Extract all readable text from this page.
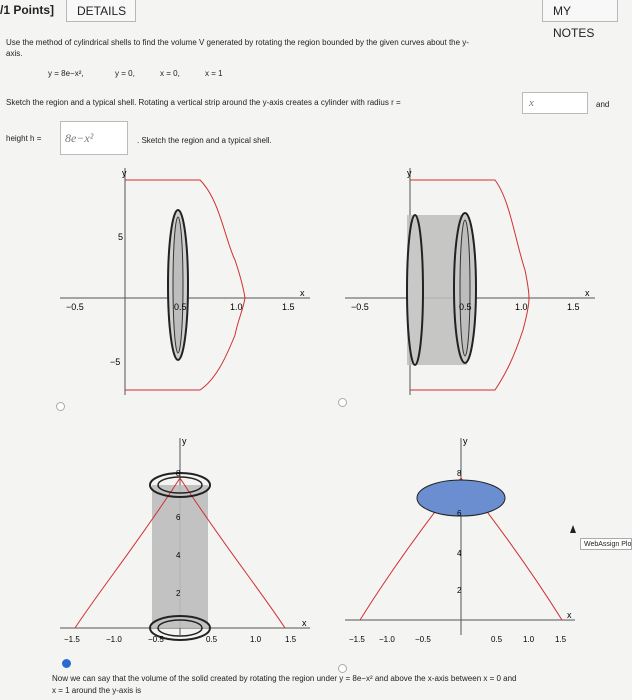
/1 Points]	DETAILS	MY NOTES
Use the method of cylindrical shells to find the volume V generated by rotating the region bounded by the given curves about the y-
axis.
y = 8e−x²,	y = 0,	x = 0,	x = 1
Sketch the region and a typical shell. Rotating a vertical strip around the y-axis creates a cylinder with radius r =	x	and
height h =	8e−x²	. Sketch the region and a typical shell.
y
x
−0.5	0.5	1.0	1.5
5
−5
y
x
−0.5	0.5	1.0	1.5
y
x
8
6
4
2
−1.5	−1.0	−0.5	0.5	1.0	1.5
y
x
8
6
4
2
−1.5 −1.0	−0.5	0.5	1.0	1.5
WebAssign Plo
Now we can say that the volume of the solid created by rotating the region under y = 8e−x² and above the x-axis between x = 0 and
x = 1 around the y-axis is
